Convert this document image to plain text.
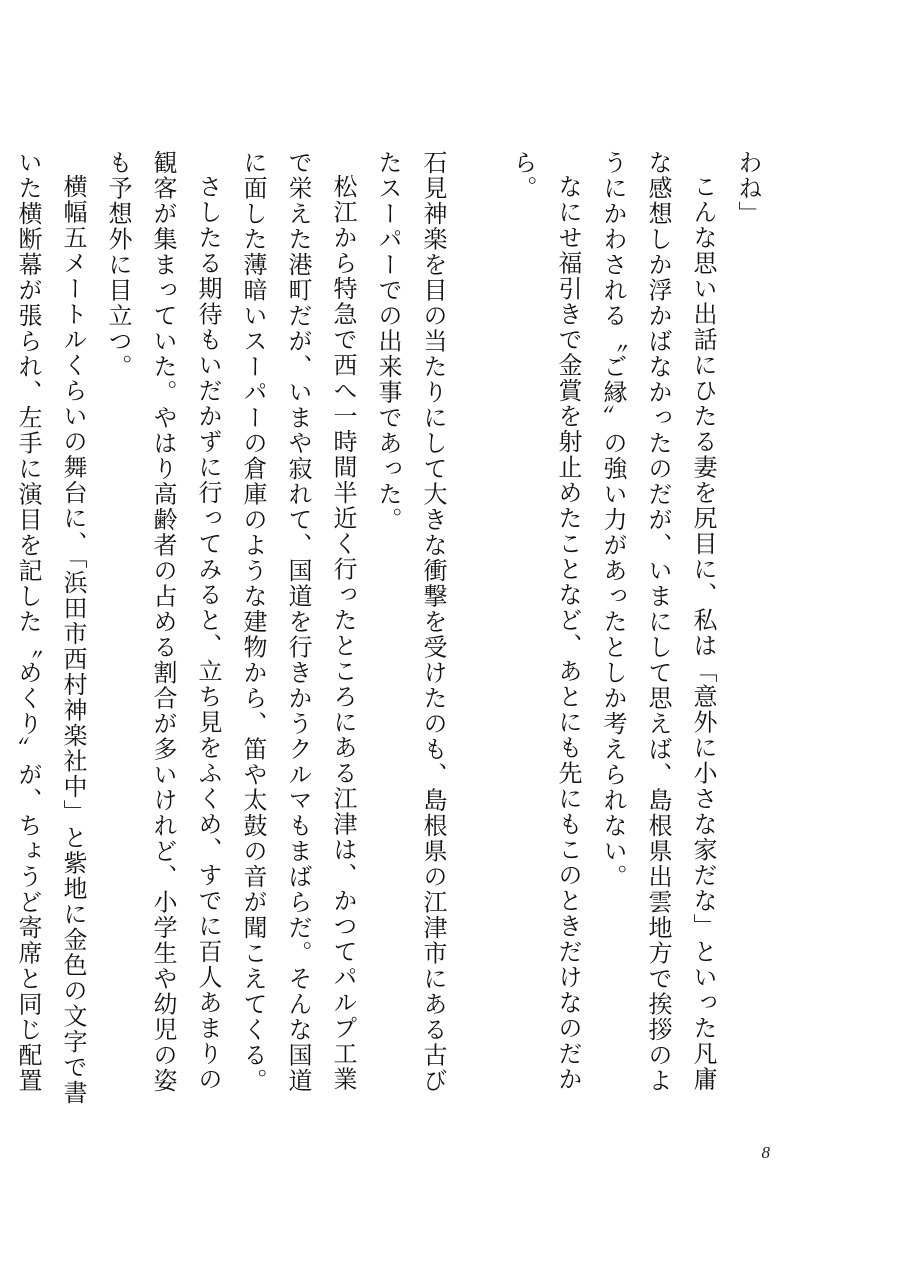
わね」

こんな思い出話にひたる妻を尻目に、私は「意外に小さな家だな」といった凡庸な感想しか浮かばなかったのだが、いまにして思えば、島根県出雲地方で挨拶のようにかわされる〝ご縁〟の強い力があったとしか考えられない。

なにせ福引きで金賞を射止めたことなど、あとにも先にもこのときだけなのだから。

石見神楽を目の当たりにして大きな衝撃を受けたのも、島根県の江津市にある古びたスーパーでの出来事であった。

松江から特急で西へ一時間半近く行ったところにある江津は、かつてパルプ工業で栄えた港町だが、いまや寂れて、国道を行きかうクルマもまばらだ。そんな国道に面した薄暗いスーパーの倉庫のような建物から、笛や太鼓の音が聞こえてくる。

さしたる期待もいだかずに行ってみると、立ち見をふくめ、すでに百人あまりの観客が集まっていた。やはり高齢者の占める割合が多いけれど、小学生や幼児の姿も予想外に目立つ。

横幅五メートルくらいの舞台に、「浜田市西村神楽社中」と紫地に金色の文字で書いた横断幕が張られ、左手に演目を記した〝めくり〟が、ちょうど寄席と同じ配置

8
